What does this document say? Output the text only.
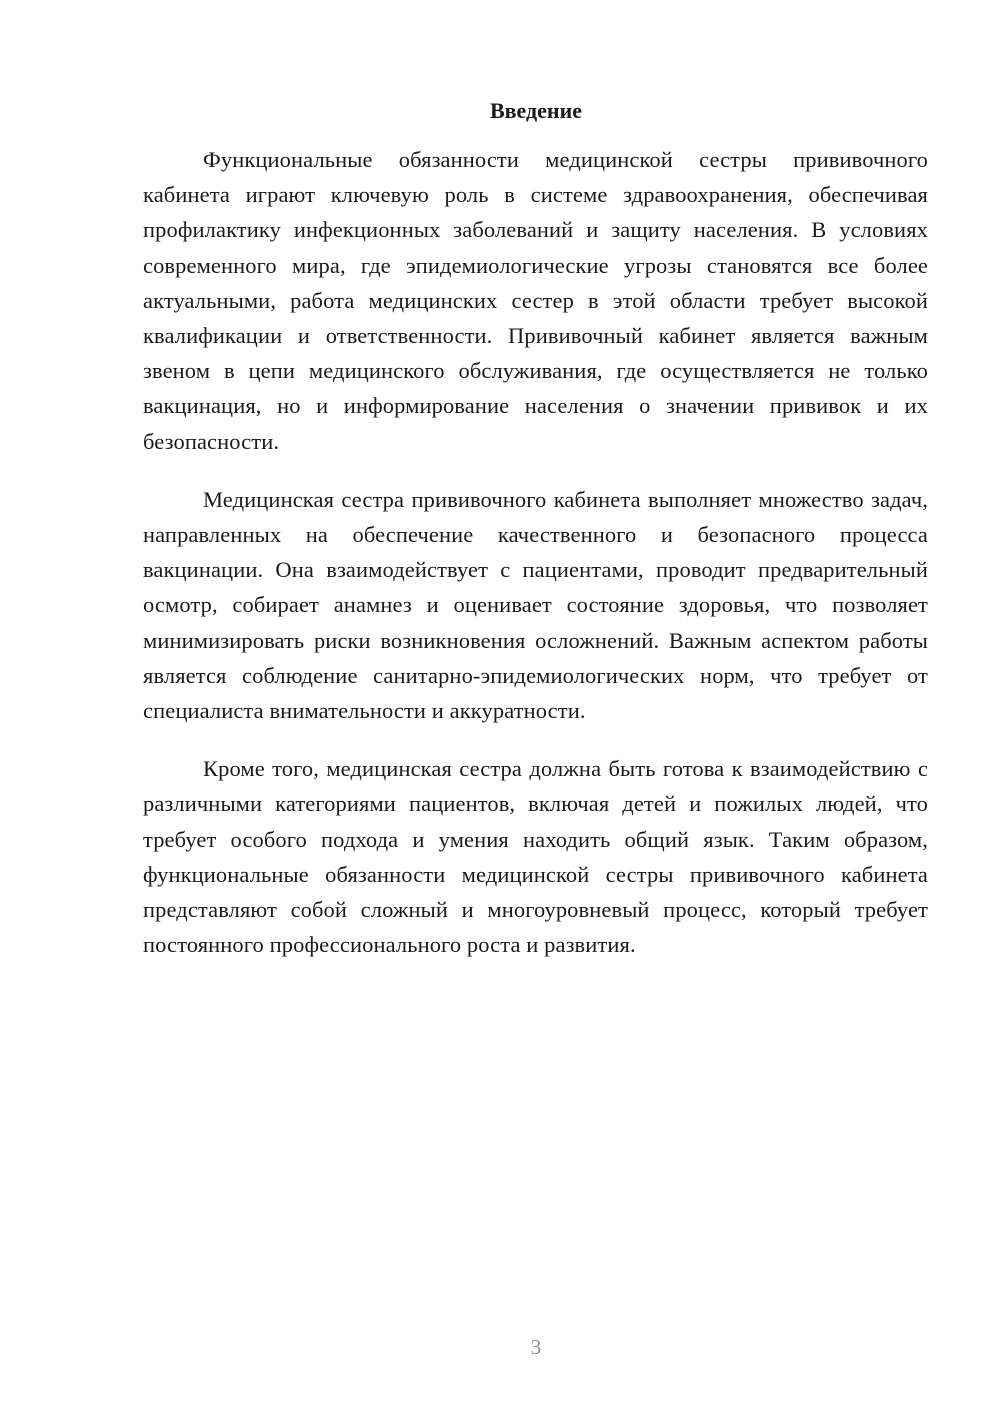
Введение

Функциональные обязанности медицинской сестры прививочного кабинета играют ключевую роль в системе здравоохранения, обеспечивая профилактику инфекционных заболеваний и защиту населения. В условиях современного мира, где эпидемиологические угрозы становятся все более актуальными, работа медицинских сестер в этой области требует высокой квалификации и ответственности. Прививочный кабинет является важным звеном в цепи медицинского обслуживания, где осуществляется не только вакцинация, но и информирование населения о значении прививок и их безопасности.

Медицинская сестра прививочного кабинета выполняет множество задач, направленных на обеспечение качественного и безопасного процесса вакцинации. Она взаимодействует с пациентами, проводит предварительный осмотр, собирает анамнез и оценивает состояние здоровья, что позволяет минимизировать риски возникновения осложнений. Важным аспектом работы является соблюдение санитарно-эпидемиологических норм, что требует от специалиста внимательности и аккуратности.

Кроме того, медицинская сестра должна быть готова к взаимодействию с различными категориями пациентов, включая детей и пожилых людей, что требует особого подхода и умения находить общий язык. Таким образом, функциональные обязанности медицинской сестры прививочного кабинета представляют собой сложный и многоуровневый процесс, который требует постоянного профессионального роста и развития.

3
